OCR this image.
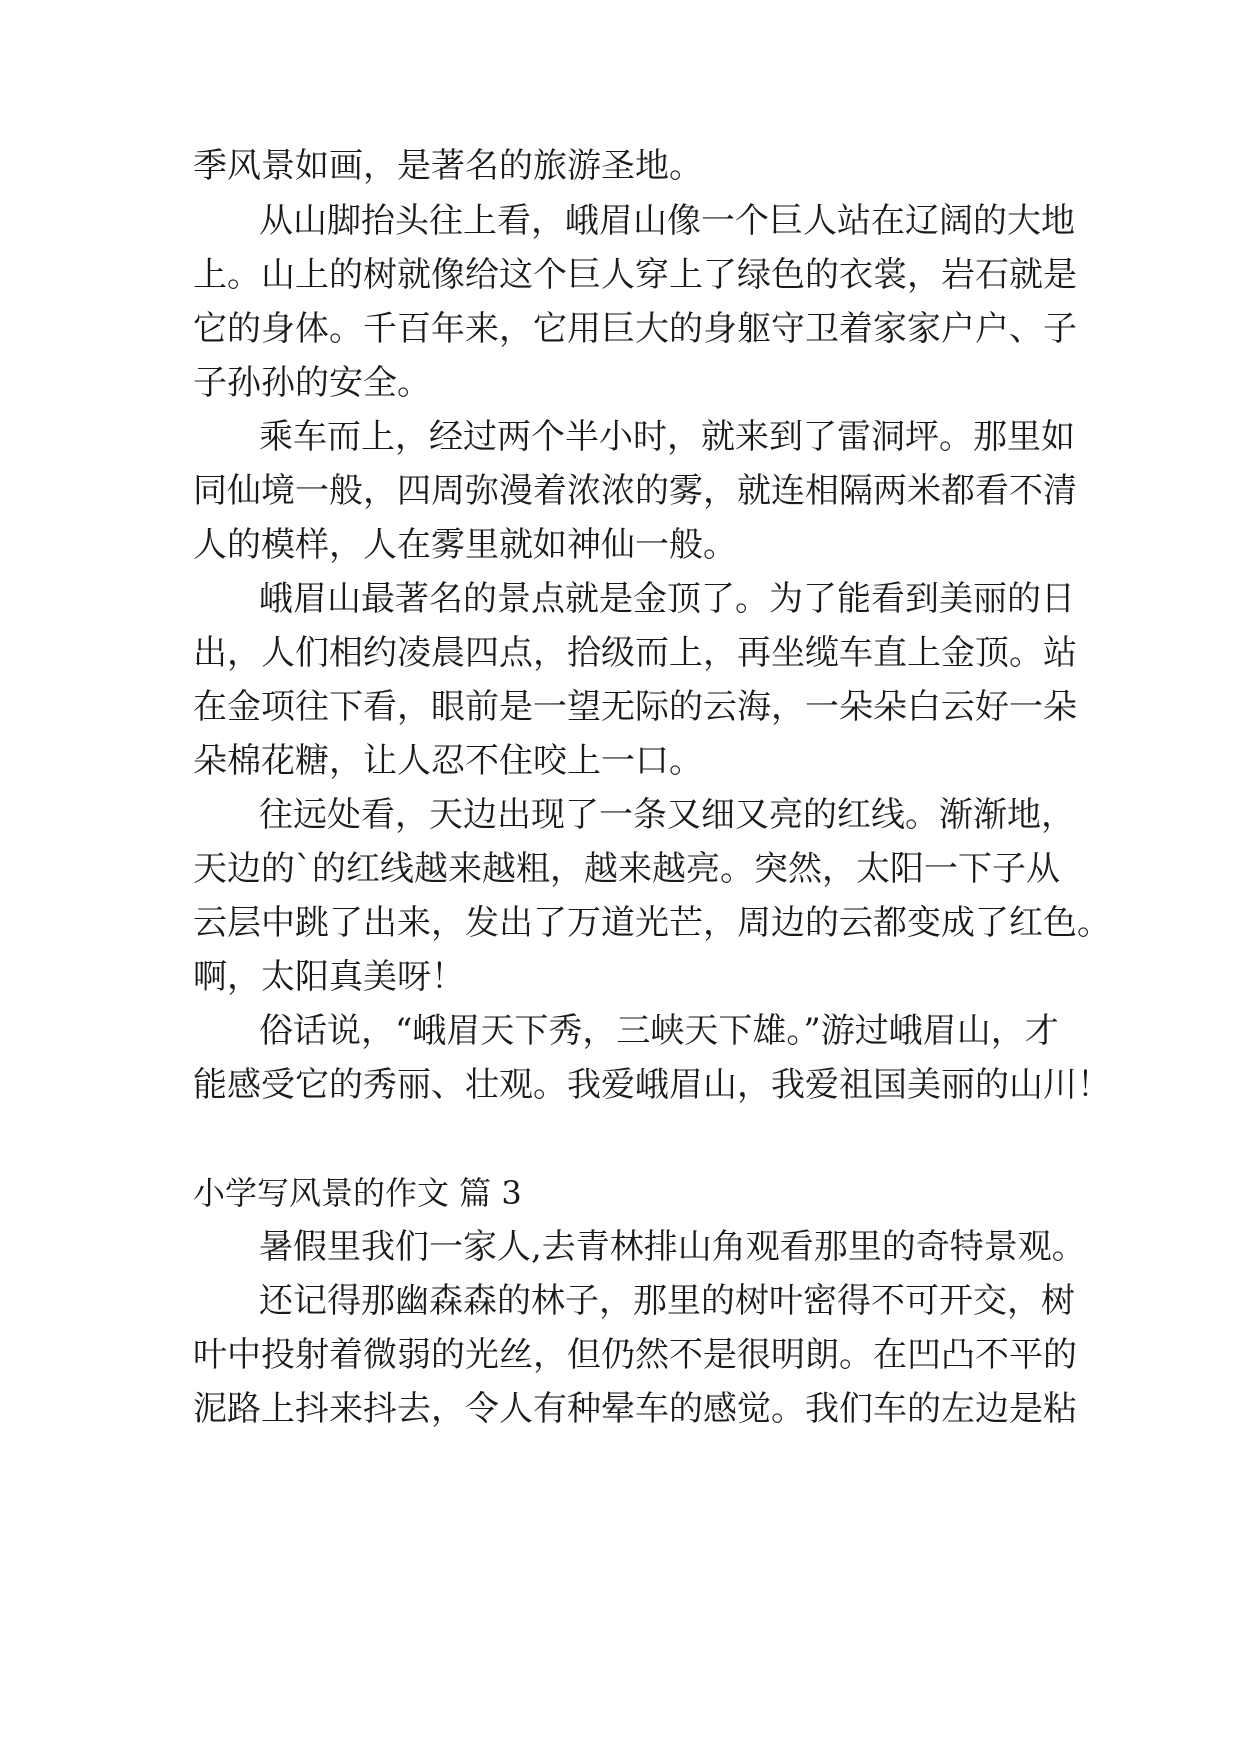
季风景如画，是著名的旅游圣地。
从山脚抬头往上看，峨眉山像一个巨人站在辽阔的大地
上。山上的树就像给这个巨人穿上了绿色的衣裳，岩石就是
它的身体。千百年来，它用巨大的身躯守卫着家家户户、子
子孙孙的安全。
乘车而上，经过两个半小时，就来到了雷洞坪。那里如
同仙境一般，四周弥漫着浓浓的雾，就连相隔两米都看不清
人的模样，人在雾里就如神仙一般。
峨眉山最著名的景点就是金顶了。为了能看到美丽的日
出，人们相约凌晨四点，拾级而上，再坐缆车直上金顶。站
在金项往下看，眼前是一望无际的云海，一朵朵白云好一朵
朵棉花糖，让人忍不住咬上一口。
往远处看，天边出现了一条又细又亮的红线。渐渐地，
天边的`的红线越来越粗，越来越亮。突然，太阳一下子从
云层中跳了出来，发出了万道光芒，周边的云都变成了红色。
啊，太阳真美呀！
俗话说，“峨眉天下秀，三峡天下雄。”游过峨眉山，才
能感受它的秀丽、壮观。我爱峨眉山，我爱祖国美丽的山川！
小学写风景的作文 篇 3
暑假里我们一家人,去青林排山角观看那里的奇特景观。
还记得那幽森森的林子，那里的树叶密得不可开交，树
叶中投射着微弱的光丝，但仍然不是很明朗。在凹凸不平的
泥路上抖来抖去，令人有种晕车的感觉。我们车的左边是粘
